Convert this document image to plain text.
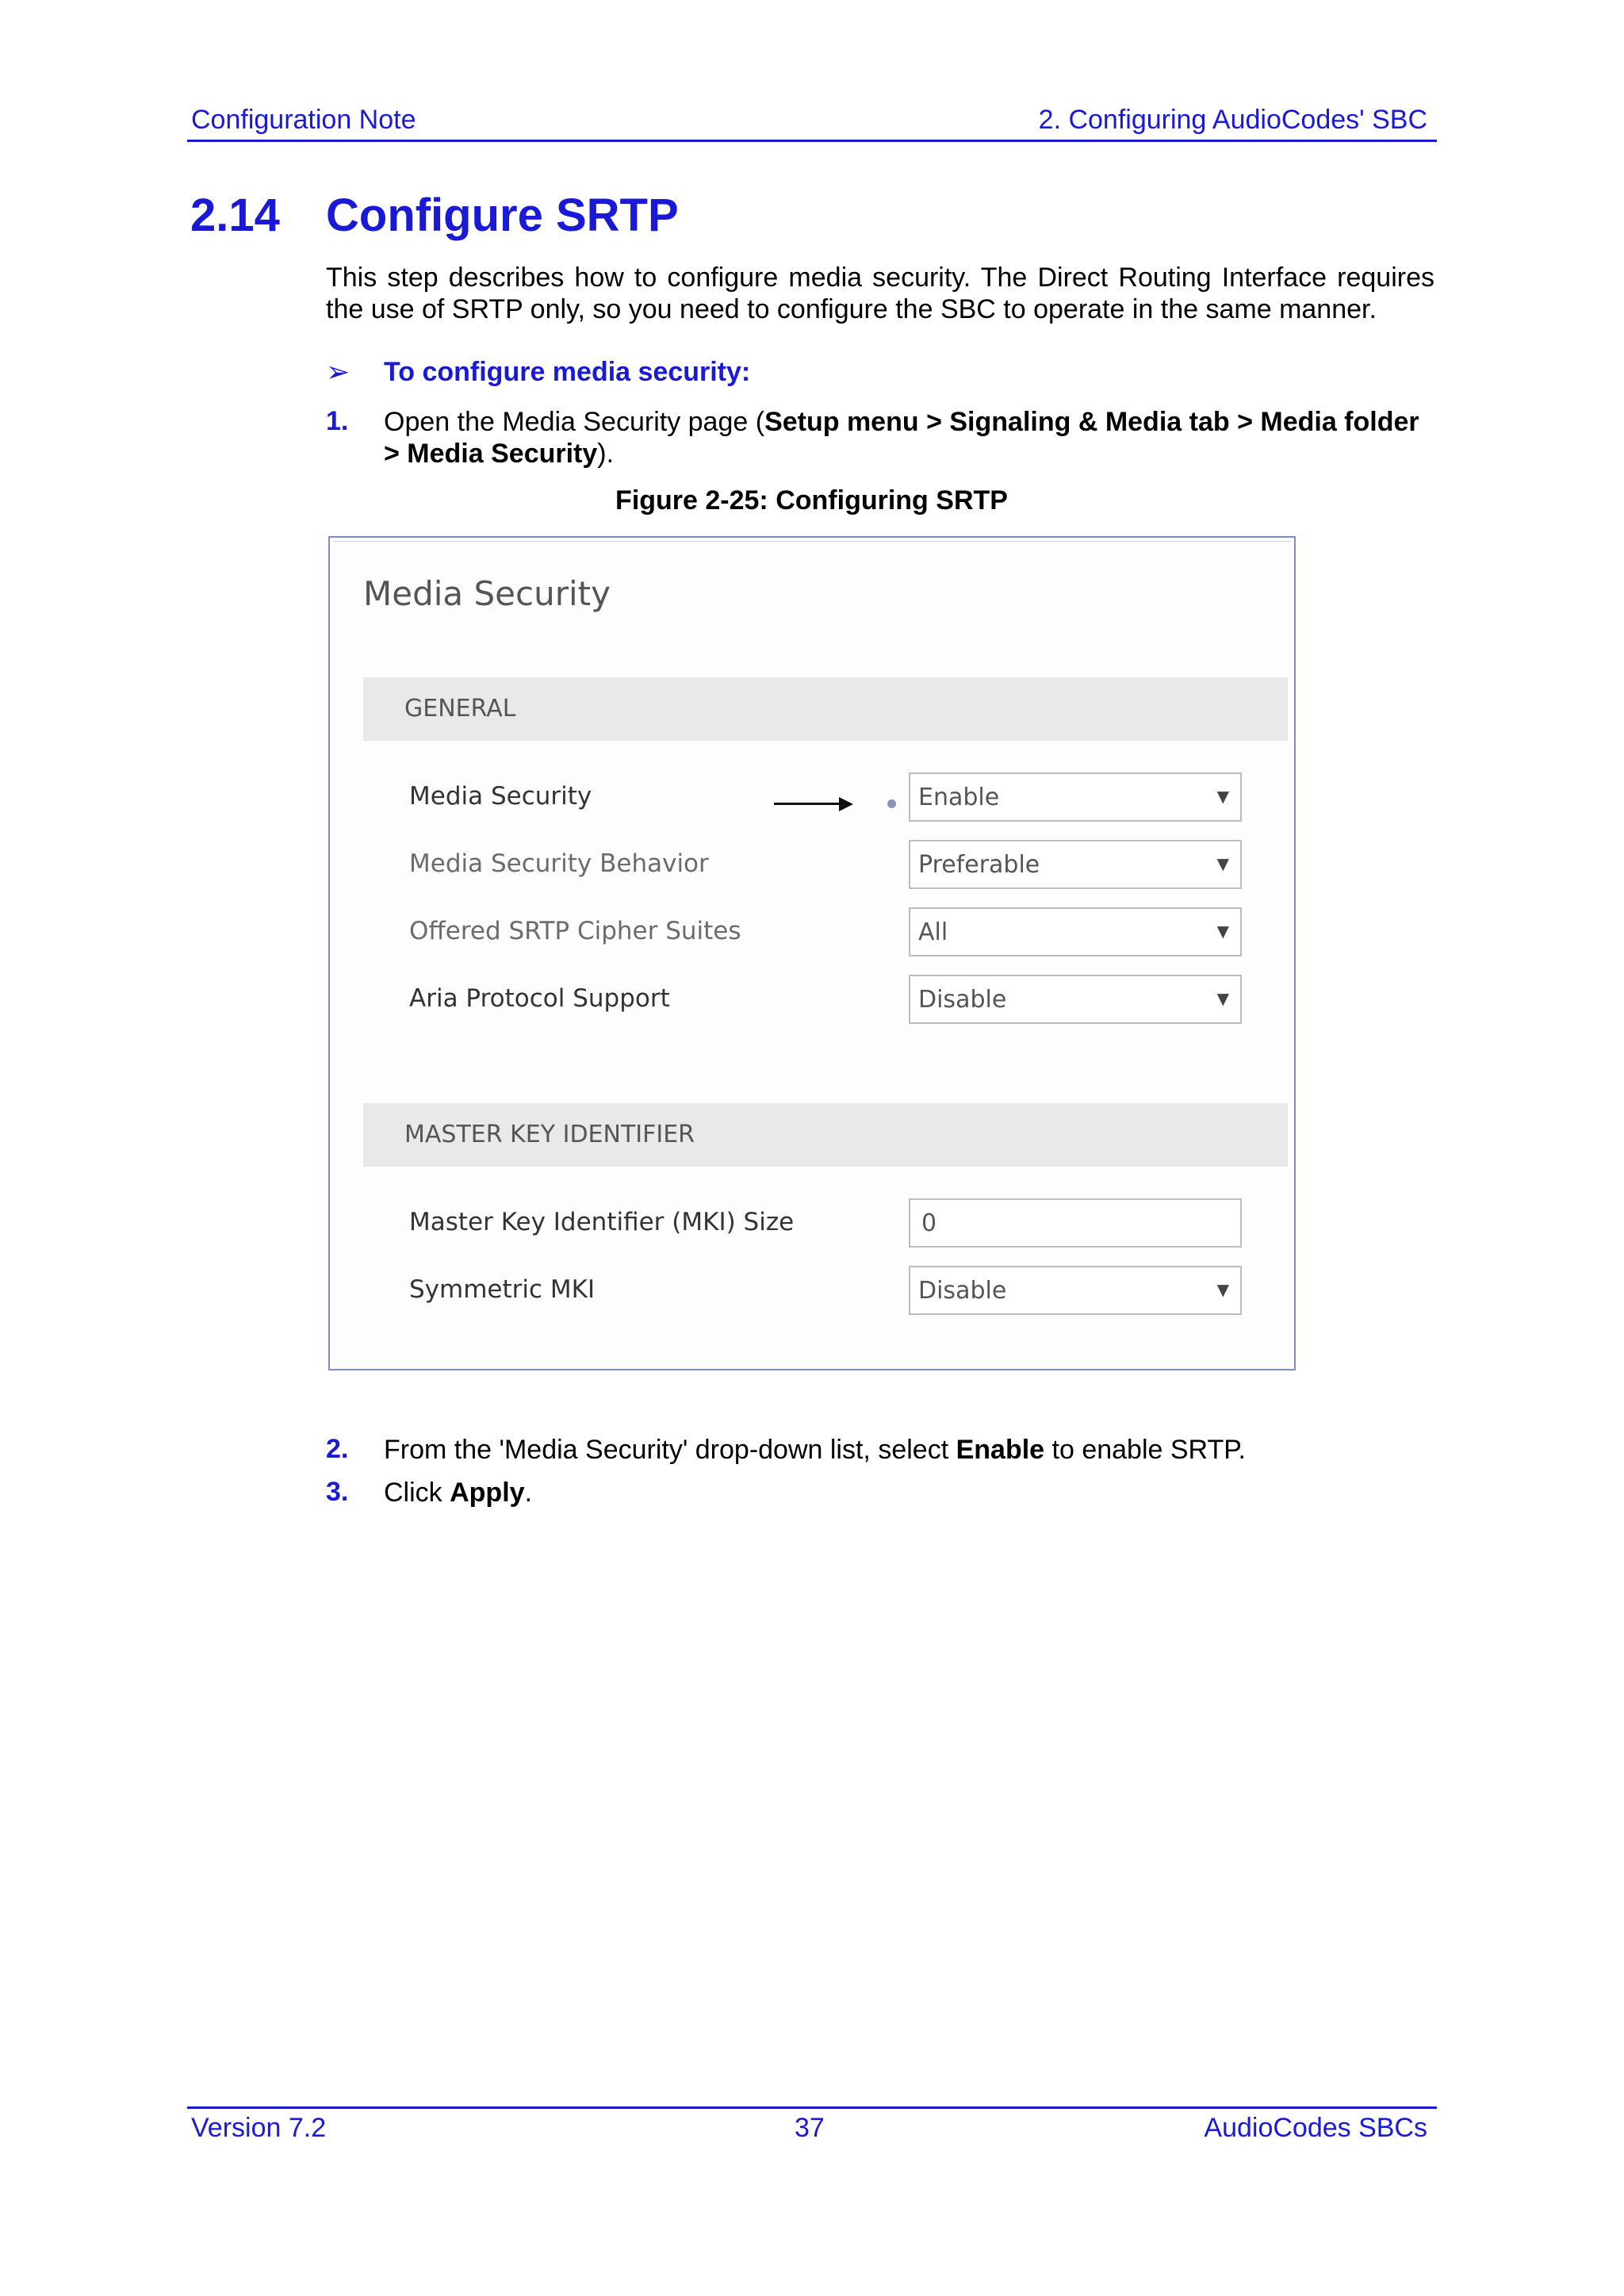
Configuration Note	2. Configuring AudioCodes' SBC
2.14 Configure SRTP
This step describes how to configure media security. The Direct Routing Interface requires the use of SRTP only, so you need to configure the SBC to operate in the same manner.
➢ To configure media security:
1. Open the Media Security page (Setup menu > Signaling & Media tab > Media folder > Media Security).
Figure 2-25: Configuring SRTP
Media Security
GENERAL
Media Security	Enable	▼
Media Security Behavior	Preferable	▼
Offered SRTP Cipher Suites	All	▼
Aria Protocol Support	Disable	▼
MASTER KEY IDENTIFIER
Master Key Identifier (MKI) Size	0
Symmetric MKI	Disable	▼
2. From the 'Media Security' drop-down list, select Enable to enable SRTP.
3. Click Apply.
Version 7.2	37	AudioCodes SBCs
